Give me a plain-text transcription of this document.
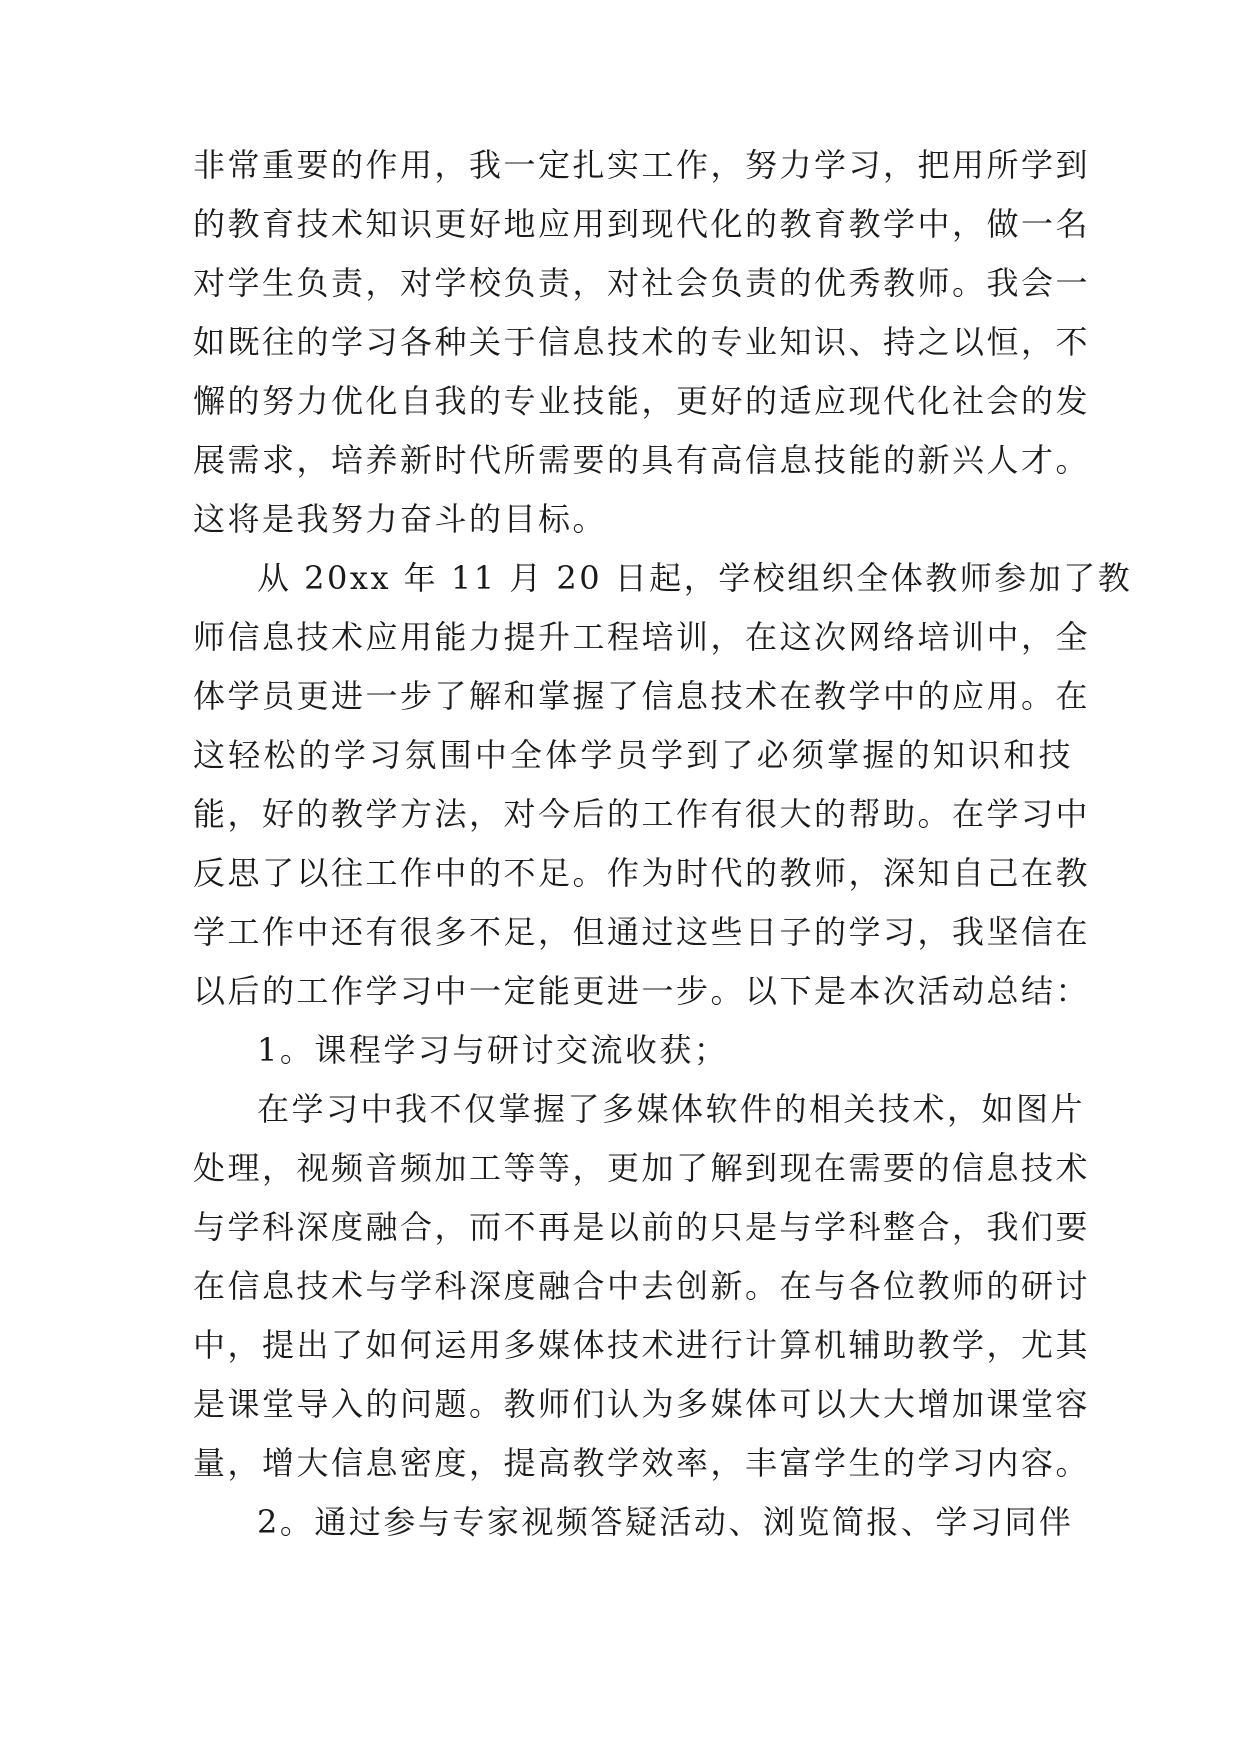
非常重要的作用，我一定扎实工作，努力学习，把用所学到

的教育技术知识更好地应用到现代化的教育教学中，做一名

对学生负责，对学校负责，对社会负责的优秀教师。我会一

如既往的学习各种关于信息技术的专业知识、持之以恒，不

懈的努力优化自我的专业技能，更好的适应现代化社会的发

展需求，培养新时代所需要的具有高信息技能的新兴人才。

这将是我努力奋斗的目标。

从 20xx 年 11 月 20 日起，学校组织全体教师参加了教

师信息技术应用能力提升工程培训，在这次网络培训中，全

体学员更进一步了解和掌握了信息技术在教学中的应用。在

这轻松的学习氛围中全体学员学到了必须掌握的知识和技

能，好的教学方法，对今后的工作有很大的帮助。在学习中

反思了以往工作中的不足。作为时代的教师，深知自己在教

学工作中还有很多不足，但通过这些日子的学习，我坚信在

以后的工作学习中一定能更进一步。以下是本次活动总结：

1。课程学习与研讨交流收获；

在学习中我不仅掌握了多媒体软件的相关技术，如图片

处理，视频音频加工等等，更加了解到现在需要的信息技术

与学科深度融合，而不再是以前的只是与学科整合，我们要

在信息技术与学科深度融合中去创新。在与各位教师的研讨

中，提出了如何运用多媒体技术进行计算机辅助教学，尤其

是课堂导入的问题。教师们认为多媒体可以大大增加课堂容

量，增大信息密度，提高教学效率，丰富学生的学习内容。

2。通过参与专家视频答疑活动、浏览简报、学习同伴
